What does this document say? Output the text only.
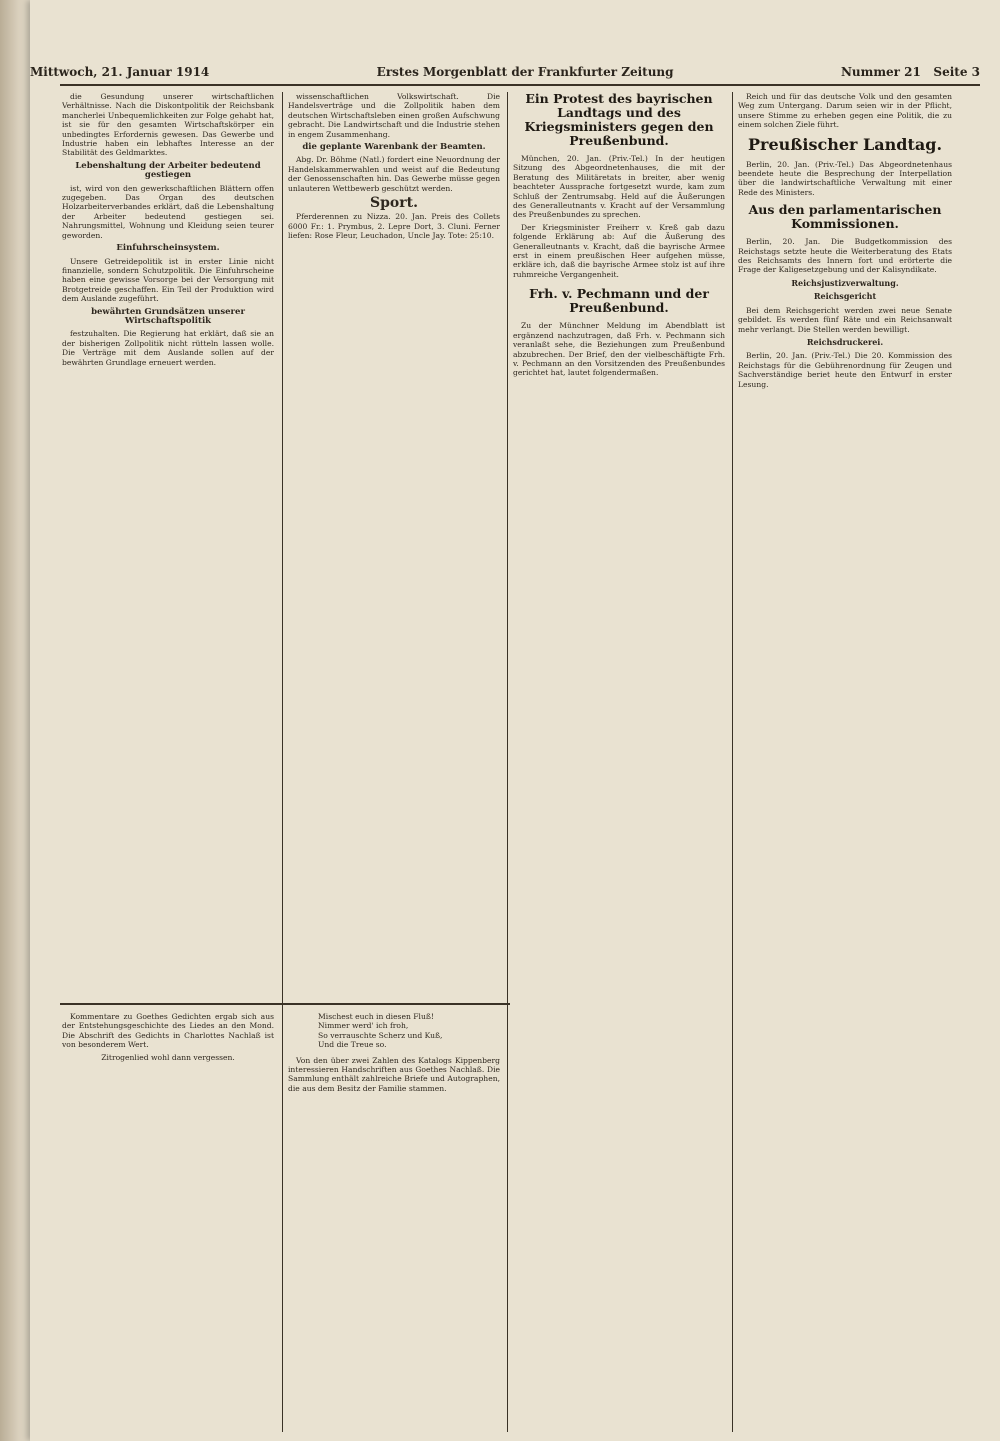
Mittwoch, 21. Januar 1914	Erstes Morgenblatt der Frankfurter Zeitung	Nummer 21 Seite 3

die Gesundung unserer wirtschaftlichen Verhältnisse. Nach die Diskontpolitik der Reichsbank mancherlei Unbequemlichkeiten zur Folge gehabt hat, ist sie für den gesamten Wirtschaftskörper ein unbedingtes Erfordernis gewesen. Das Gewerbe und Industrie haben ein lebhaftes Interesse an der Stabilität des Geldmarktes.

Lebenshaltung der Arbeiter bedeutend gestiegen

ist, wird von den gewerkschaftlichen Blättern offen zugegeben. Das Organ des deutschen Holzarbeiterverbandes erklärt, daß die Lebenshaltung der Arbeiter bedeutend gestiegen sei. Nahrungsmittel, Wohnung und Kleidung seien teurer geworden.

Einfuhrscheinsystem.

Unsere Getreidepolitik ist in erster Linie nicht finanzielle, sondern Schutzpolitik. Die Einfuhrscheine haben eine gewisse Vorsorge bei der Versorgung mit Brotgetreide geschaffen. Ein Teil der Produktion wird dem Auslande zugeführt.

bewährten Grundsätzen unserer Wirtschaftspolitik

festzuhalten. Die Regierung hat erklärt, daß sie an der bisherigen Zollpolitik nicht rütteln lassen wolle. Die Verträge mit dem Auslande sollen auf der bewährten Grundlage erneuert werden.

wissenschaftlichen Volkswirtschaft. Die Handelsverträge und die Zollpolitik haben dem deutschen Wirtschaftsleben einen großen Aufschwung gebracht. Die Landwirtschaft und die Industrie stehen in engem Zusammenhang.

die geplante Warenbank der Beamten.

Abg. Dr. Böhme (Natl.) fordert eine Neuordnung der Handelskammerwahlen und weist auf die Bedeutung der Genossenschaften hin. Das Gewerbe müsse gegen unlauteren Wettbewerb geschützt werden.

Sport.

Pferderennen zu Nizza. 20. Jan. Preis des Collets 6000 Fr.: 1. Prymbus, 2. Lepre Dort, 3. Cluni. Ferner liefen: Rose Fleur, Leuchadon, Uncle Jay. Tote: 25:10.

Kommentare zu Goethes Gedichten ergab sich aus der Entstehungsgeschichte des Liedes an den Mond. Die Abschrift des Gedichts in Charlottes Nachlaß ist von besonderem Wert.

Zitrogenlied wohl dann vergessen.

Mischest euch in diesen Fluß!
Nimmer werd' ich froh,
So verrauschte Scherz und Kuß,
Und die Treue so.

Von den über zwei Zahlen des Katalogs Kippenberg interessieren Handschriften aus Goethes Nachlaß. Die Sammlung enthält zahlreiche Briefe und Autographen, die aus dem Besitz der Familie stammen.

Ein Protest des bayrischen Landtags und des Kriegsministers gegen den Preußenbund.

München, 20. Jan. (Priv.-Tel.) In der heutigen Sitzung des Abgeordnetenhauses, die mit der Beratung des Militäretats in breiter, aber wenig beachteter Aussprache fortgesetzt wurde, kam zum Schluß der Zentrumsabg. Held auf die Äußerungen des Generalleutnants v. Kracht auf der Versammlung des Preußenbundes zu sprechen.

Der Kriegsminister Freiherr v. Kreß gab dazu folgende Erklärung ab: Auf die Äußerung des Generalleutnants v. Kracht, daß die bayrische Armee erst in einem preußischen Heer aufgehen müsse, erkläre ich, daß die bayrische Armee stolz ist auf ihre ruhmreiche Vergangenheit.

Frh. v. Pechmann und der Preußenbund.

Zu der Münchner Meldung im Abendblatt ist ergänzend nachzutragen, daß Frh. v. Pechmann sich veranlaßt sehe, die Beziehungen zum Preußenbund abzubrechen. Der Brief, den der vielbeschäftigte Frh. v. Pechmann an den Vorsitzenden des Preußenbundes gerichtet hat, lautet folgendermaßen.

Reich und für das deutsche Volk und den gesamten Weg zum Untergang. Darum seien wir in der Pflicht, unsere Stimme zu erheben gegen eine Politik, die zu einem solchen Ziele führt.

Preußischer Landtag.

Berlin, 20. Jan. (Priv.-Tel.) Das Abgeordnetenhaus beendete heute die Besprechung der Interpellation über die landwirtschaftliche Verwaltung mit einer Rede des Ministers.

Aus den parlamentarischen Kommissionen.

Berlin, 20. Jan. Die Budgetkommission des Reichstags setzte heute die Weiterberatung des Etats des Reichsamts des Innern fort und erörterte die Frage der Kaligesetzgebung und der Kalisyndikate.

Reichsjustizverwaltung.
Reichsgericht

Bei dem Reichsgericht werden zwei neue Senate gebildet. Es werden fünf Räte und ein Reichsanwalt mehr verlangt. Die Stellen werden bewilligt.

Reichsdruckerei.

Berlin, 20. Jan. (Priv.-Tel.) Die 20. Kommission des Reichstags für die Gebührenordnung für Zeugen und Sachverständige beriet heute den Entwurf in erster Lesung.
